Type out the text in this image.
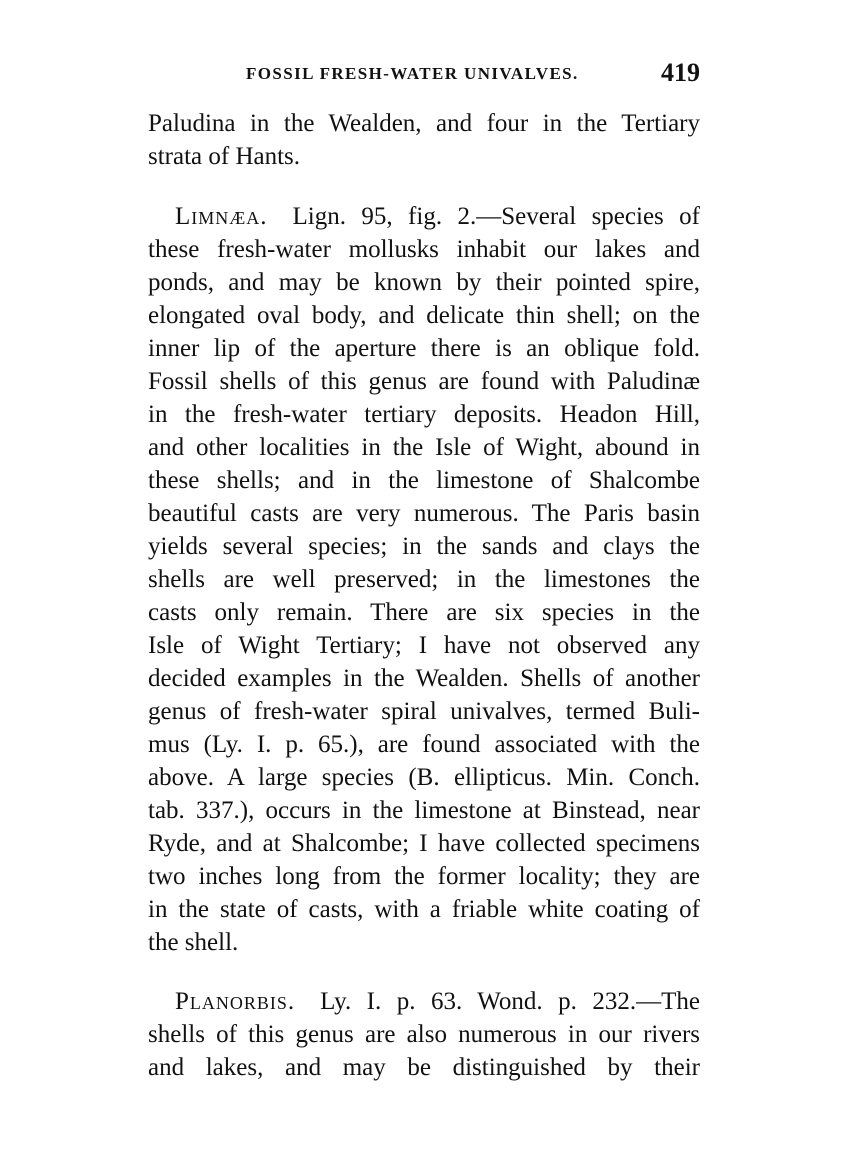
FOSSIL FRESH-WATER UNIVALVES.	419
Paludina in the Wealden, and four in the Tertiary
strata of Hants.
Limnæa.  Lign. 95, fig. 2.—Several species of
these fresh-water mollusks inhabit our lakes and
ponds, and may be known by their pointed spire,
elongated oval body, and delicate thin shell; on the
inner lip of the aperture there is an oblique fold.
Fossil shells of this genus are found with Paludinæ
in the fresh-water tertiary deposits. Headon Hill,
and other localities in the Isle of Wight, abound in
these shells; and in the limestone of Shalcombe
beautiful casts are very numerous. The Paris basin
yields several species; in the sands and clays the
shells are well preserved; in the limestones the
casts only remain. There are six species in the
Isle of Wight Tertiary; I have not observed any
decided examples in the Wealden. Shells of another
genus of fresh-water spiral univalves, termed Buli-
mus (Ly. I. p. 65.), are found associated with the
above. A large species (B. ellipticus. Min. Conch.
tab. 337.), occurs in the limestone at Binstead, near
Ryde, and at Shalcombe; I have collected specimens
two inches long from the former locality; they are
in the state of casts, with a friable white coating of
the shell.
Planorbis.  Ly. I. p. 63. Wond. p. 232.—The
shells of this genus are also numerous in our rivers
and lakes, and may be distinguished by their
